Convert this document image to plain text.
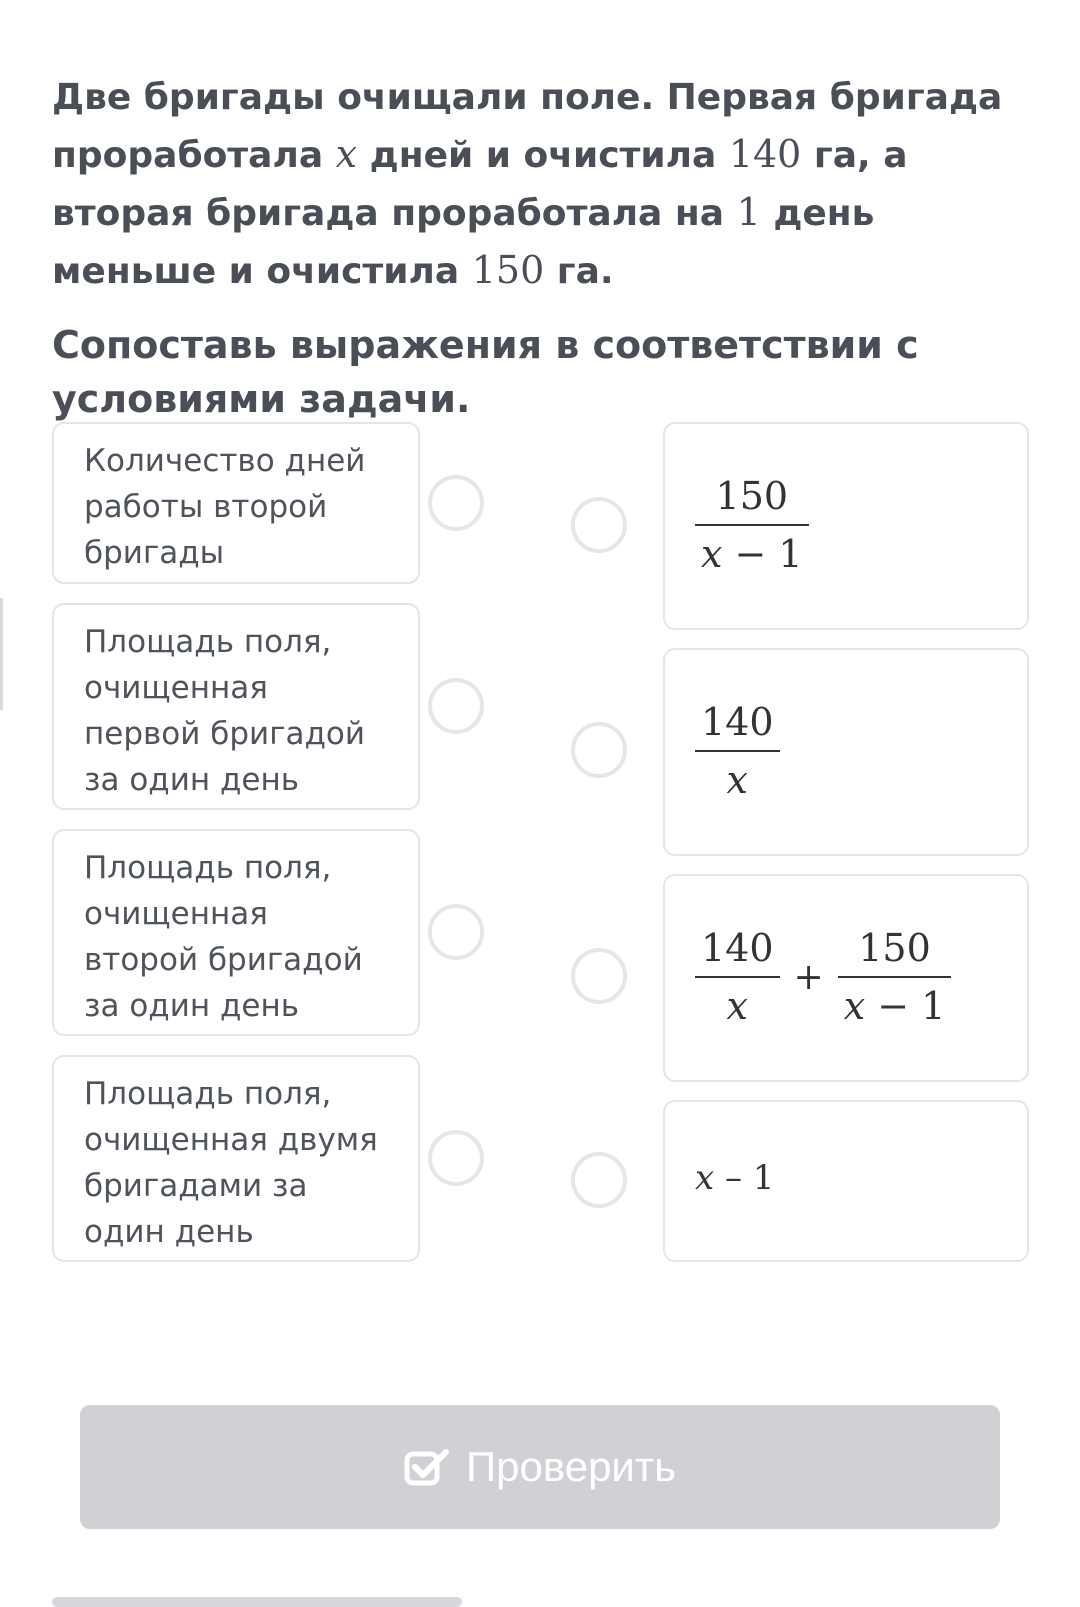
Две бригады очищали поле. Первая бригада проработала x дней и очистила 140 га, а вторая бригада проработала на 1 день меньше и очистила 150 га.
Сопоставь выражения в соответствии с условиями задачи.
Количество дней работы второй бригады
Площадь поля, очищенная первой бригадой за один день
Площадь поля, очищенная второй бригадой за один день
Площадь поля, очищенная двумя бригадами за один день
$\frac{150}{x - 1}$
$\frac{140}{x}$
$\frac{140}{x} + \frac{150}{x - 1}$
x – 1
Проверить
